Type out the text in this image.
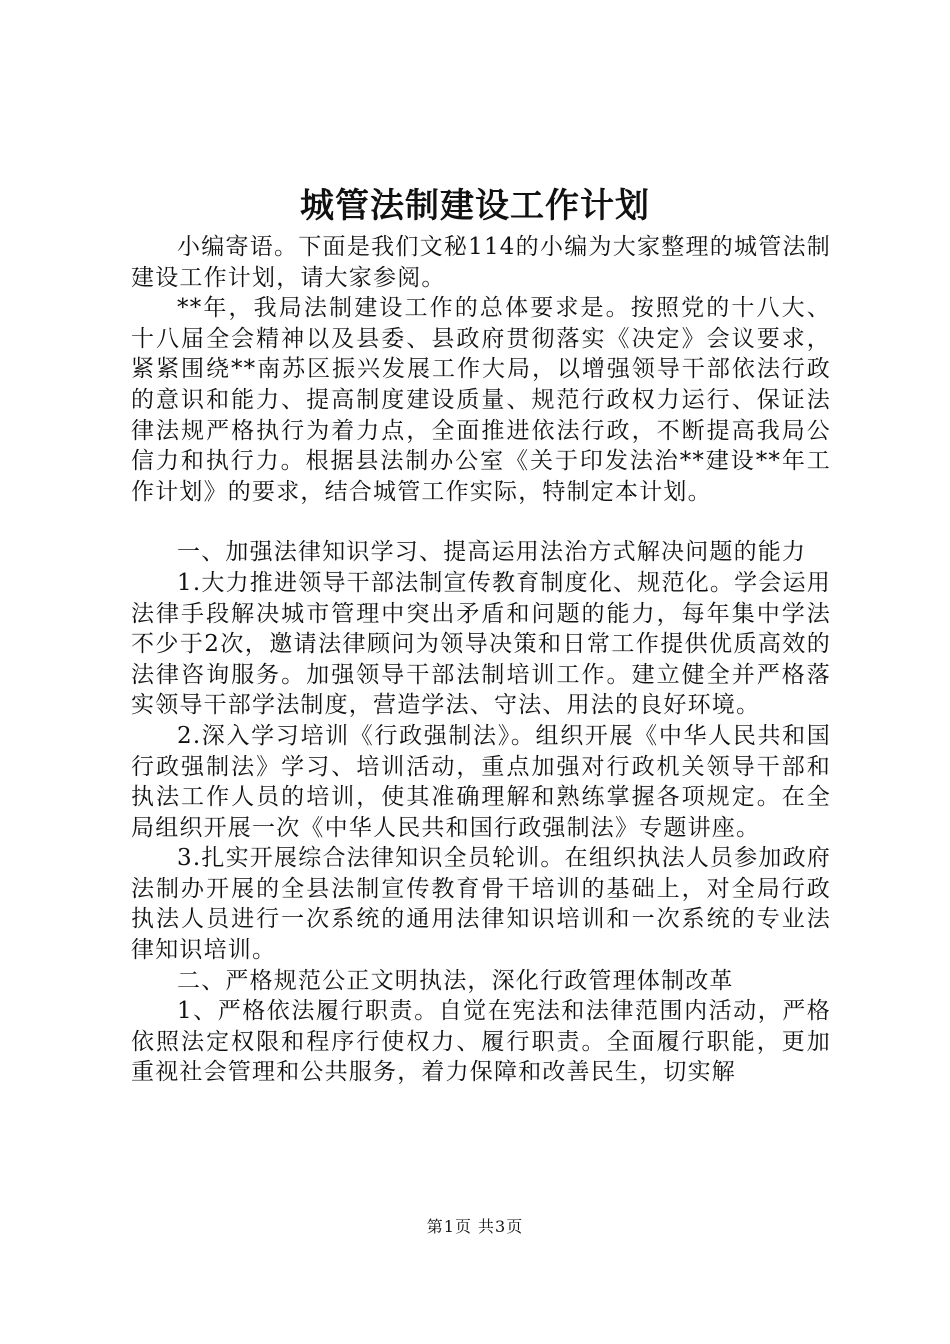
城管法制建设工作计划

小编寄语。下面是我们文秘114的小编为大家整理的城管法制建设工作计划，请大家参阅。

**年，我局法制建设工作的总体要求是。按照党的十八大、十八届全会精神以及县委、县政府贯彻落实《决定》会议要求，紧紧围绕**南苏区振兴发展工作大局，以增强领导干部依法行政的意识和能力、提高制度建设质量、规范行政权力运行、保证法律法规严格执行为着力点，全面推进依法行政，不断提高我局公信力和执行力。根据县法制办公室《关于印发法治**建设**年工作计划》的要求，结合城管工作实际，特制定本计划。

一、加强法律知识学习、提高运用法治方式解决问题的能力

1.大力推进领导干部法制宣传教育制度化、规范化。学会运用法律手段解决城市管理中突出矛盾和问题的能力，每年集中学法不少于2次，邀请法律顾问为领导决策和日常工作提供优质高效的法律咨询服务。加强领导干部法制培训工作。建立健全并严格落实领导干部学法制度，营造学法、守法、用法的良好环境。

2.深入学习培训《行政强制法》。组织开展《中华人民共和国行政强制法》学习、培训活动，重点加强对行政机关领导干部和执法工作人员的培训，使其准确理解和熟练掌握各项规定。在全局组织开展一次《中华人民共和国行政强制法》专题讲座。

3.扎实开展综合法律知识全员轮训。在组织执法人员参加政府法制办开展的全县法制宣传教育骨干培训的基础上，对全局行政执法人员进行一次系统的通用法律知识培训和一次系统的专业法律知识培训。

二、严格规范公正文明执法，深化行政管理体制改革

1、严格依法履行职责。自觉在宪法和法律范围内活动，严格依照法定权限和程序行使权力、履行职责。全面履行职能，更加重视社会管理和公共服务，着力保障和改善民生，切实解

第1页 共3页
